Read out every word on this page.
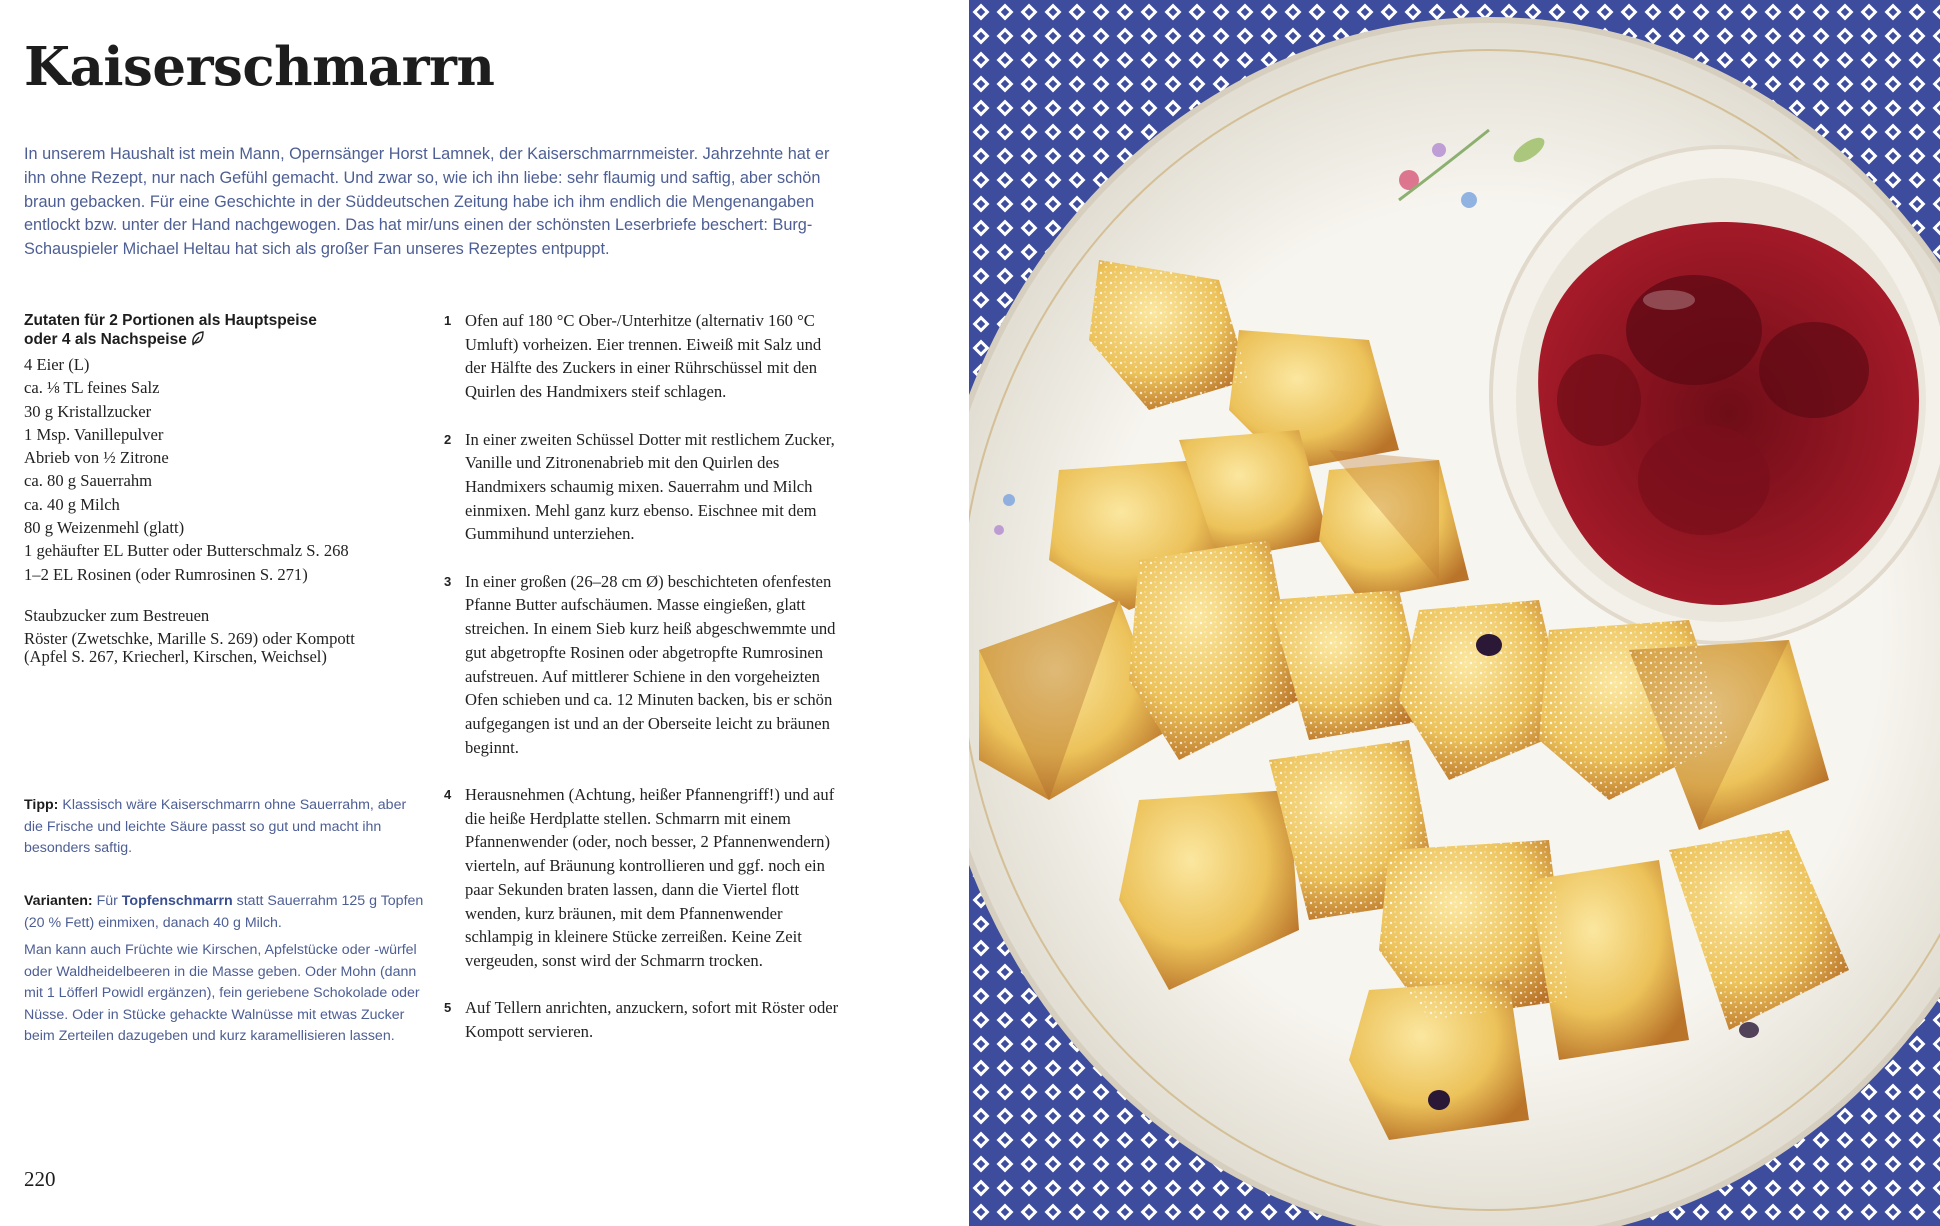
Kaiserschmarrn

In unserem Haushalt ist mein Mann, Opernsänger Horst Lamnek, der Kaiserschmarrnmeister. Jahrzehnte hat er ihn ohne Rezept, nur nach Gefühl gemacht. Und zwar so, wie ich ihn liebe: sehr flaumig und saftig, aber schön braun gebacken. Für eine Geschichte in der Süddeutschen Zeitung habe ich ihm endlich die Mengenangaben entlockt bzw. unter der Hand nachgewogen. Das hat mir/uns einen der schönsten Leserbriefe beschert: Burg-Schauspieler Michael Heltau hat sich als großer Fan unseres Rezeptes entpuppt.

Zutaten für 2 Portionen als Hauptspeise
oder 4 als Nachspeise
4 Eier (L)
ca. ⅛ TL feines Salz
30 g Kristallzucker
1 Msp. Vanillepulver
Abrieb von ½ Zitrone
ca. 80 g Sauerrahm
ca. 40 g Milch
80 g Weizenmehl (glatt)
1 gehäufter EL Butter oder Butterschmalz S. 268
1–2 EL Rosinen (oder Rumrosinen S. 271)
Staubzucker zum Bestreuen
Röster (Zwetschke, Marille S. 269) oder Kompott (Apfel S. 267, Kriecherl, Kirschen, Weichsel)

Tipp: Klassisch wäre Kaiserschmarrn ohne Sauerrahm, aber die Frische und leichte Säure passt so gut und macht ihn besonders saftig.

Varianten: Für Topfenschmarrn statt Sauerrahm 125 g Topfen (20 % Fett) einmixen, danach 40 g Milch.

Man kann auch Früchte wie Kirschen, Apfelstücke oder -würfel oder Waldheidelbeeren in die Masse geben. Oder Mohn (dann mit 1 Löfferl Powidl ergänzen), fein geriebene Schokolade oder Nüsse. Oder in Stücke gehackte Walnüsse mit etwas Zucker beim Zerteilen dazugeben und kurz karamellisieren lassen.

1 Ofen auf 180 °C Ober-/Unterhitze (alternativ 160 °C Umluft) vorheizen. Eier trennen. Eiweiß mit Salz und der Hälfte des Zuckers in einer Rührschüssel mit den Quirlen des Handmixers steif schlagen.
2 In einer zweiten Schüssel Dotter mit restlichem Zucker, Vanille und Zitronenabrieb mit den Quirlen des Handmixers schaumig mixen. Sauerrahm und Milch einmixen. Mehl ganz kurz ebenso. Eischnee mit dem Gummihund unterziehen.
3 In einer großen (26–28 cm Ø) beschichteten ofenfesten Pfanne Butter aufschäumen. Masse eingießen, glatt streichen. In einem Sieb kurz heiß abgeschwemmte und gut abgetropfte Rosinen oder abgetropfte Rumrosinen aufstreuen. Auf mittlerer Schiene in den vorgeheizten Ofen schieben und ca. 12 Minuten backen, bis er schön aufgegangen ist und an der Oberseite leicht zu bräunen beginnt.
4 Herausnehmen (Achtung, heißer Pfannengriff!) und auf die heiße Herdplatte stellen. Schmarrn mit einem Pfannenwender (oder, noch besser, 2 Pfannenwendern) vierteln, auf Bräunung kontrollieren und ggf. noch ein paar Sekunden braten lassen, dann die Viertel flott wenden, kurz bräunen, mit dem Pfannenwender schlampig in kleinere Stücke zerreißen. Keine Zeit vergeuden, sonst wird der Schmarrn trocken.
5 Auf Tellern anrichten, anzuckern, sofort mit Röster oder Kompott servieren.
220
